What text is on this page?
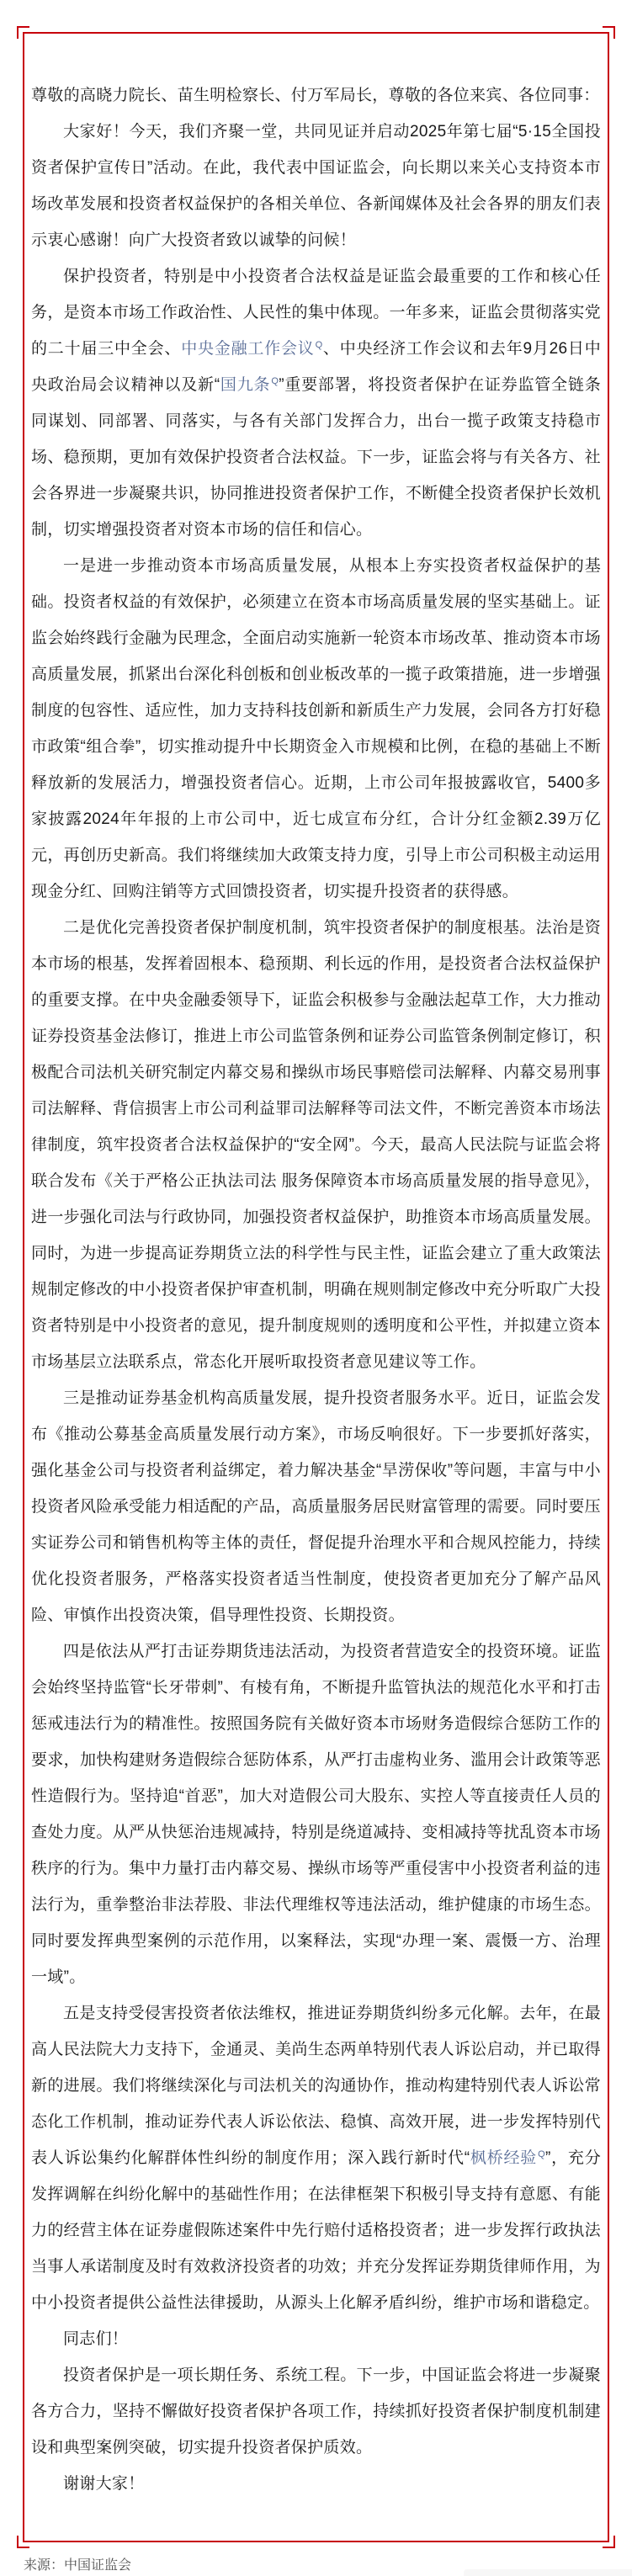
尊敬的高晓力院长、苗生明检察长、付万军局长，尊敬的各位来宾、各位同事：

大家好！今天，我们齐聚一堂，共同见证并启动2025年第七届“5·15全国投资者保护宣传日”活动。在此，我代表中国证监会，向长期以来关心支持资本市场改革发展和投资者权益保护的各相关单位、各新闻媒体及社会各界的朋友们表示衷心感谢！向广大投资者致以诚挚的问候！

保护投资者，特别是中小投资者合法权益是证监会最重要的工作和核心任务，是资本市场工作政治性、人民性的集中体现。一年多来，证监会贯彻落实党的二十届三中全会、中央金融工作会议$^Q$、中央经济工作会议和去年9月26日中央政治局会议精神以及新“国九条$^Q$”重要部署，将投资者保护在证券监管全链条同谋划、同部署、同落实，与各有关部门发挥合力，出台一揽子政策支持稳市场、稳预期，更加有效保护投资者合法权益。下一步，证监会将与有关各方、社会各界进一步凝聚共识，协同推进投资者保护工作，不断健全投资者保护长效机制，切实增强投资者对资本市场的信任和信心。

一是进一步推动资本市场高质量发展，从根本上夯实投资者权益保护的基础。投资者权益的有效保护，必须建立在资本市场高质量发展的坚实基础上。证监会始终践行金融为民理念，全面启动实施新一轮资本市场改革、推动资本市场高质量发展，抓紧出台深化科创板和创业板改革的一揽子政策措施，进一步增强制度的包容性、适应性，加力支持科技创新和新质生产力发展，会同各方打好稳市政策“组合拳”，切实推动提升中长期资金入市规模和比例，在稳的基础上不断释放新的发展活力，增强投资者信心。近期，上市公司年报披露收官，5400多家披露2024年年报的上市公司中，近七成宣布分红，合计分红金额2.39万亿元，再创历史新高。我们将继续加大政策支持力度，引导上市公司积极主动运用现金分红、回购注销等方式回馈投资者，切实提升投资者的获得感。

二是优化完善投资者保护制度机制，筑牢投资者保护的制度根基。法治是资本市场的根基，发挥着固根本、稳预期、利长远的作用，是投资者合法权益保护的重要支撑。在中央金融委领导下，证监会积极参与金融法起草工作，大力推动证券投资基金法修订，推进上市公司监管条例和证券公司监管条例制定修订，积极配合司法机关研究制定内幕交易和操纵市场民事赔偿司法解释、内幕交易刑事司法解释、背信损害上市公司利益罪司法解释等司法文件，不断完善资本市场法律制度，筑牢投资者合法权益保护的“安全网”。今天，最高人民法院与证监会将联合发布《关于严格公正执法司法 服务保障资本市场高质量发展的指导意见》，进一步强化司法与行政协同，加强投资者权益保护，助推资本市场高质量发展。同时，为进一步提高证券期货立法的科学性与民主性，证监会建立了重大政策法规制定修改的中小投资者保护审查机制，明确在规则制定修改中充分听取广大投资者特别是中小投资者的意见，提升制度规则的透明度和公平性，并拟建立资本市场基层立法联系点，常态化开展听取投资者意见建议等工作。

三是推动证券基金机构高质量发展，提升投资者服务水平。近日，证监会发布《推动公募基金高质量发展行动方案》，市场反响很好。下一步要抓好落实，强化基金公司与投资者利益绑定，着力解决基金“旱涝保收”等问题，丰富与中小投资者风险承受能力相适配的产品，高质量服务居民财富管理的需要。同时要压实证券公司和销售机构等主体的责任，督促提升治理水平和合规风控能力，持续优化投资者服务，严格落实投资者适当性制度，使投资者更加充分了解产品风险、审慎作出投资决策，倡导理性投资、长期投资。

四是依法从严打击证券期货违法活动，为投资者营造安全的投资环境。证监会始终坚持监管“长牙带刺”、有棱有角，不断提升监管执法的规范化水平和打击惩戒违法行为的精准性。按照国务院有关做好资本市场财务造假综合惩防工作的要求，加快构建财务造假综合惩防体系，从严打击虚构业务、滥用会计政策等恶性造假行为。坚持追“首恶”，加大对造假公司大股东、实控人等直接责任人员的查处力度。从严从快惩治违规减持，特别是绕道减持、变相减持等扰乱资本市场秩序的行为。集中力量打击内幕交易、操纵市场等严重侵害中小投资者利益的违法行为，重拳整治非法荐股、非法代理维权等违法活动，维护健康的市场生态。同时要发挥典型案例的示范作用，以案释法，实现“办理一案、震慑一方、治理一域”。

五是支持受侵害投资者依法维权，推进证券期货纠纷多元化解。去年，在最高人民法院大力支持下，金通灵、美尚生态两单特别代表人诉讼启动，并已取得新的进展。我们将继续深化与司法机关的沟通协作，推动构建特别代表人诉讼常态化工作机制，推动证券代表人诉讼依法、稳慎、高效开展，进一步发挥特别代表人诉讼集约化解群体性纠纷的制度作用；深入践行新时代“枫桥经验$^Q$”，充分发挥调解在纠纷化解中的基础性作用；在法律框架下积极引导支持有意愿、有能力的经营主体在证券虚假陈述案件中先行赔付适格投资者；进一步发挥行政执法当事人承诺制度及时有效救济投资者的功效；并充分发挥证券期货律师作用，为中小投资者提供公益性法律援助，从源头上化解矛盾纠纷，维护市场和谐稳定。

同志们！

投资者保护是一项长期任务、系统工程。下一步，中国证监会将进一步凝聚各方合力，坚持不懈做好投资者保护各项工作，持续抓好投资者保护制度机制建设和典型案例突破，切实提升投资者保护质效。

谢谢大家！

来源：中国证监会
